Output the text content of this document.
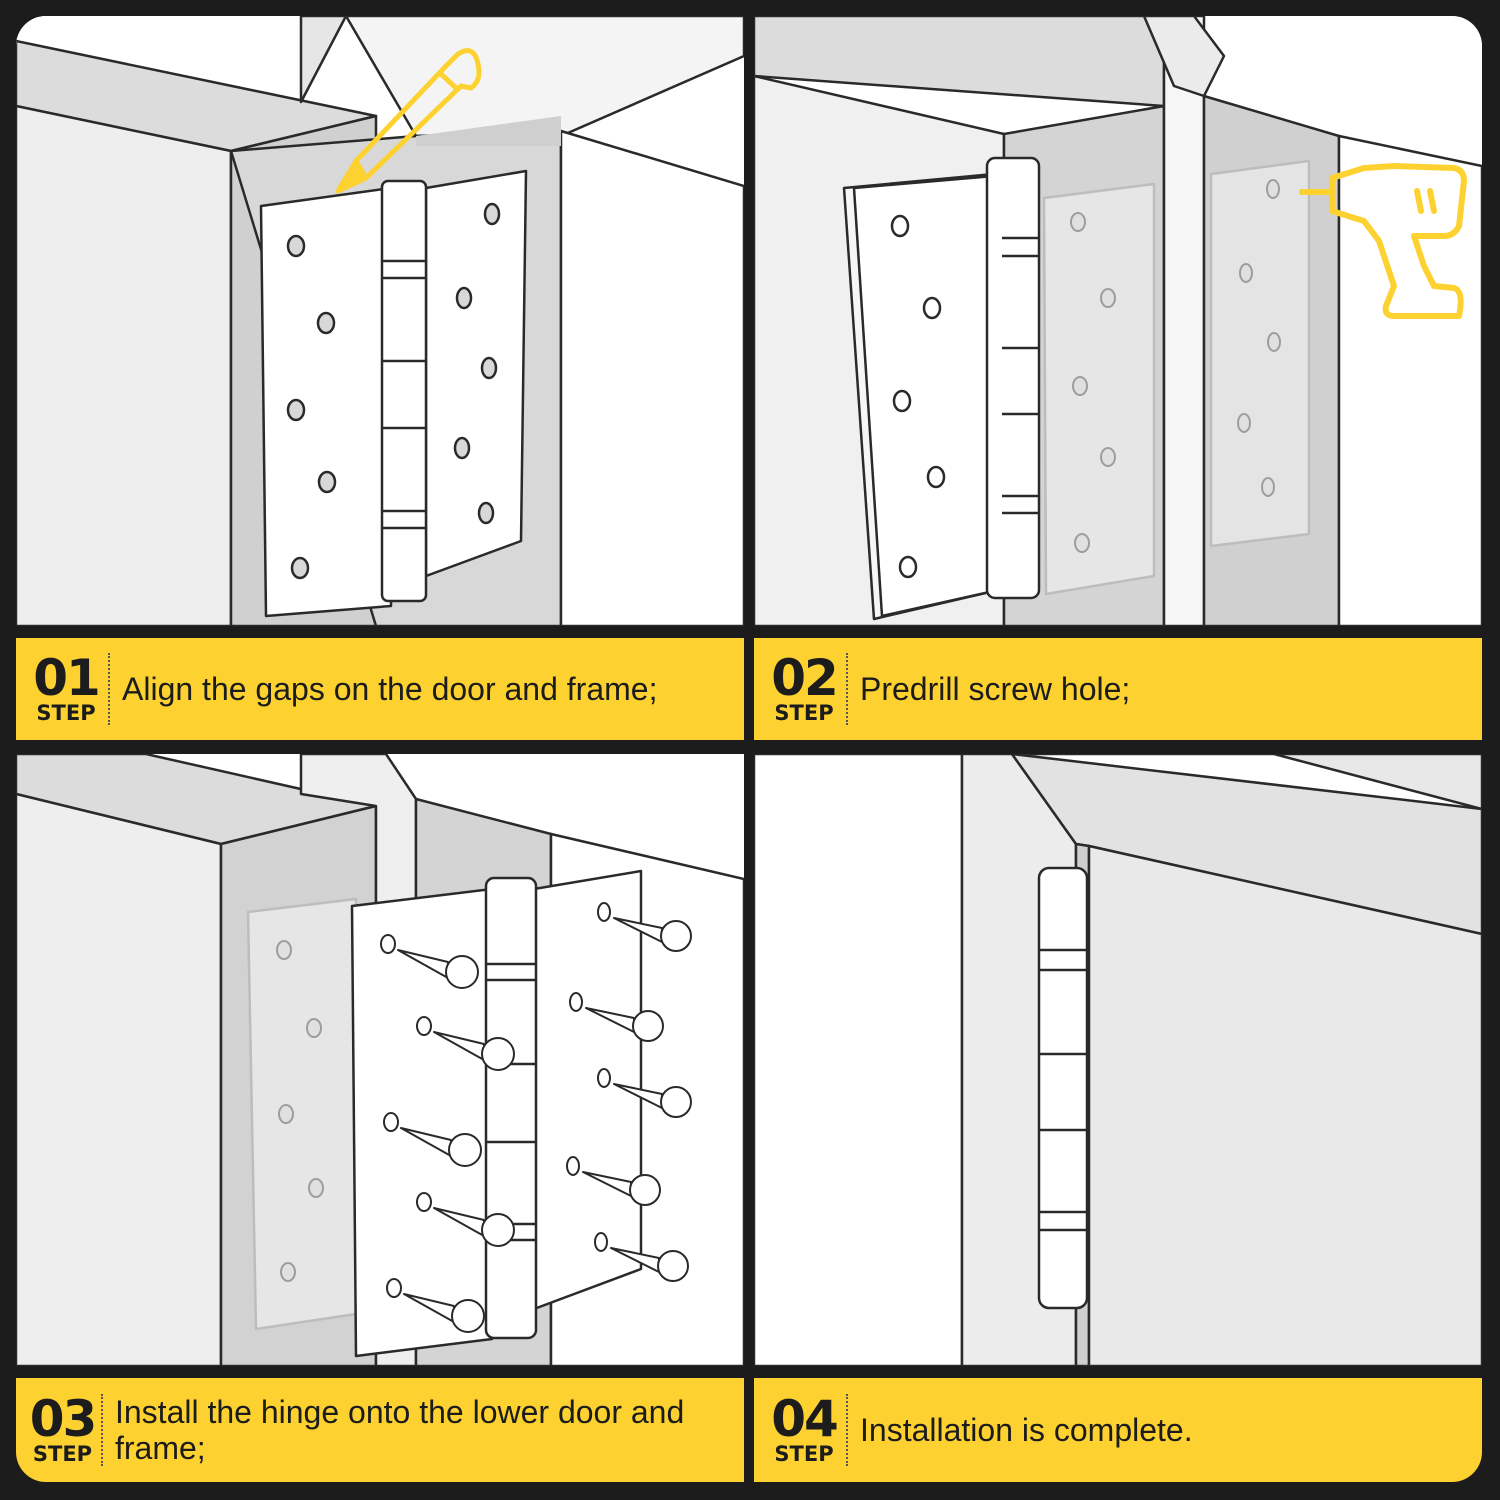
01
STEP
Align the gaps on the door and frame;	02
STEP
Predrill screw hole;
03
STEP
Install the hinge onto the lower door and frame;	04
STEP
Installation is complete.
